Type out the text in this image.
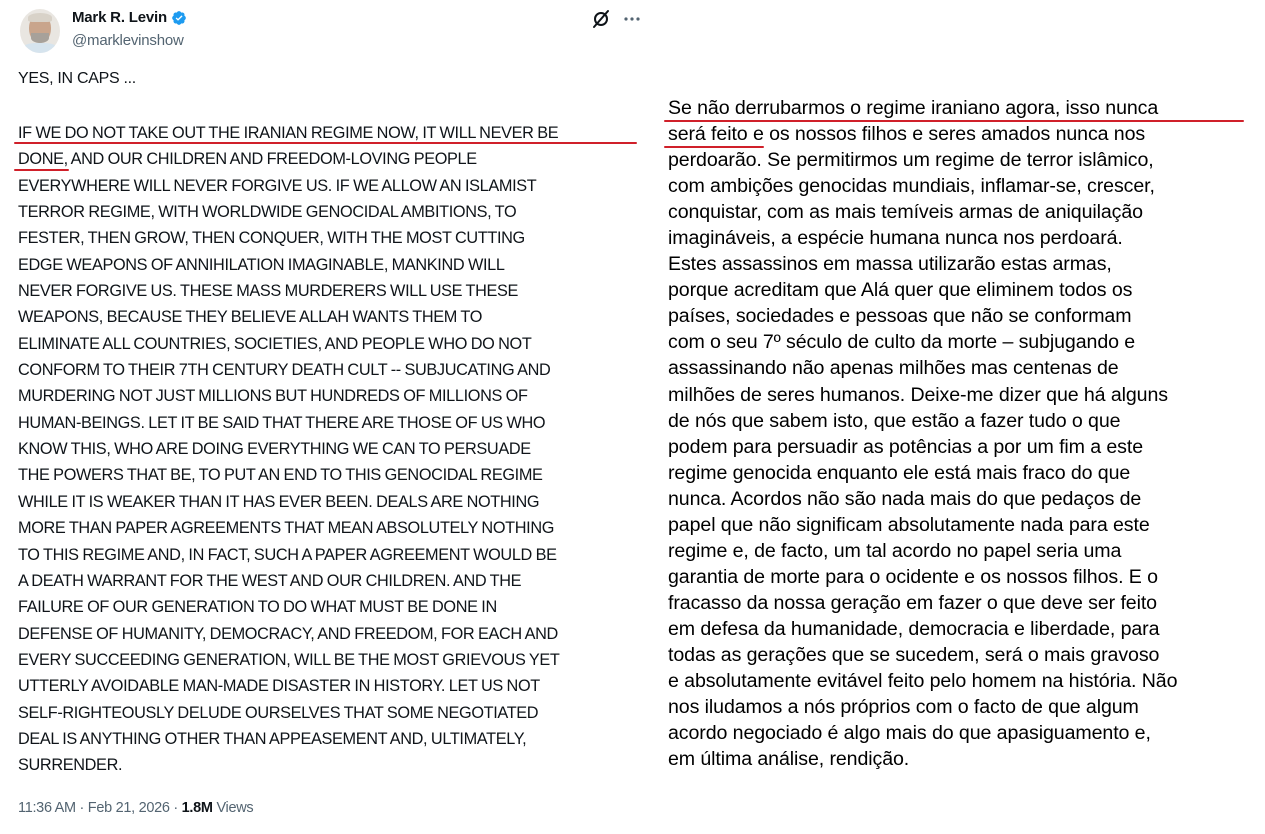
Mark R. Levin
@marklevinshow
YES, IN CAPS ...
IF WE DO NOT TAKE OUT THE IRANIAN REGIME NOW, IT WILL NEVER BE
DONE, AND OUR CHILDREN AND FREEDOM-LOVING PEOPLE
EVERYWHERE WILL NEVER FORGIVE US. IF WE ALLOW AN ISLAMIST
TERROR REGIME, WITH WORLDWIDE GENOCIDAL AMBITIONS, TO
FESTER, THEN GROW, THEN CONQUER, WITH THE MOST CUTTING
EDGE WEAPONS OF ANNIHILATION IMAGINABLE, MANKIND WILL
NEVER FORGIVE US. THESE MASS MURDERERS WILL USE THESE
WEAPONS, BECAUSE THEY BELIEVE ALLAH WANTS THEM TO
ELIMINATE ALL COUNTRIES, SOCIETIES, AND PEOPLE WHO DO NOT
CONFORM TO THEIR 7TH CENTURY DEATH CULT -- SUBJUCATING AND
MURDERING NOT JUST MILLIONS BUT HUNDREDS OF MILLIONS OF
HUMAN-BEINGS. LET IT BE SAID THAT THERE ARE THOSE OF US WHO
KNOW THIS, WHO ARE DOING EVERYTHING WE CAN TO PERSUADE
THE POWERS THAT BE, TO PUT AN END TO THIS GENOCIDAL REGIME
WHILE IT IS WEAKER THAN IT HAS EVER BEEN. DEALS ARE NOTHING
MORE THAN PAPER AGREEMENTS THAT MEAN ABSOLUTELY NOTHING
TO THIS REGIME AND, IN FACT, SUCH A PAPER AGREEMENT WOULD BE
A DEATH WARRANT FOR THE WEST AND OUR CHILDREN. AND THE
FAILURE OF OUR GENERATION TO DO WHAT MUST BE DONE IN
DEFENSE OF HUMANITY, DEMOCRACY, AND FREEDOM, FOR EACH AND
EVERY SUCCEEDING GENERATION, WILL BE THE MOST GRIEVOUS YET
UTTERLY AVOIDABLE MAN-MADE DISASTER IN HISTORY. LET US NOT
SELF-RIGHTEOUSLY DELUDE OURSELVES THAT SOME NEGOTIATED
DEAL IS ANYTHING OTHER THAN APPEASEMENT AND, ULTIMATELY,
SURRENDER.
11:36 AM · Feb 21, 2026 · 1.8M Views
Se não derrubarmos o regime iraniano agora, isso nunca
será feito e os nossos filhos e seres amados nunca nos
perdoarão. Se permitirmos um regime de terror islâmico,
com ambições genocidas mundiais, inflamar-se, crescer,
conquistar, com as mais temíveis armas de aniquilação
imagináveis, a espécie humana nunca nos perdoará.
Estes assassinos em massa utilizarão estas armas,
porque acreditam que Alá quer que eliminem todos os
países, sociedades e pessoas que não se conformam
com o seu 7º século de culto da morte – subjugando e
assassinando não apenas milhões mas centenas de
milhões de seres humanos. Deixe-me dizer que há alguns
de nós que sabem isto, que estão a fazer tudo o que
podem para persuadir as potências a por um fim a este
regime genocida enquanto ele está mais fraco do que
nunca. Acordos não são nada mais do que pedaços de
papel que não significam absolutamente nada para este
regime e, de facto, um tal acordo no papel seria uma
garantia de morte para o ocidente e os nossos filhos. E o
fracasso da nossa geração em fazer o que deve ser feito
em defesa da humanidade, democracia e liberdade, para
todas as gerações que se sucedem, será o mais gravoso
e absolutamente evitável feito pelo homem na história. Não
nos iludamos a nós próprios com o facto de que algum
acordo negociado é algo mais do que apasiguamento e,
em última análise, rendição.
